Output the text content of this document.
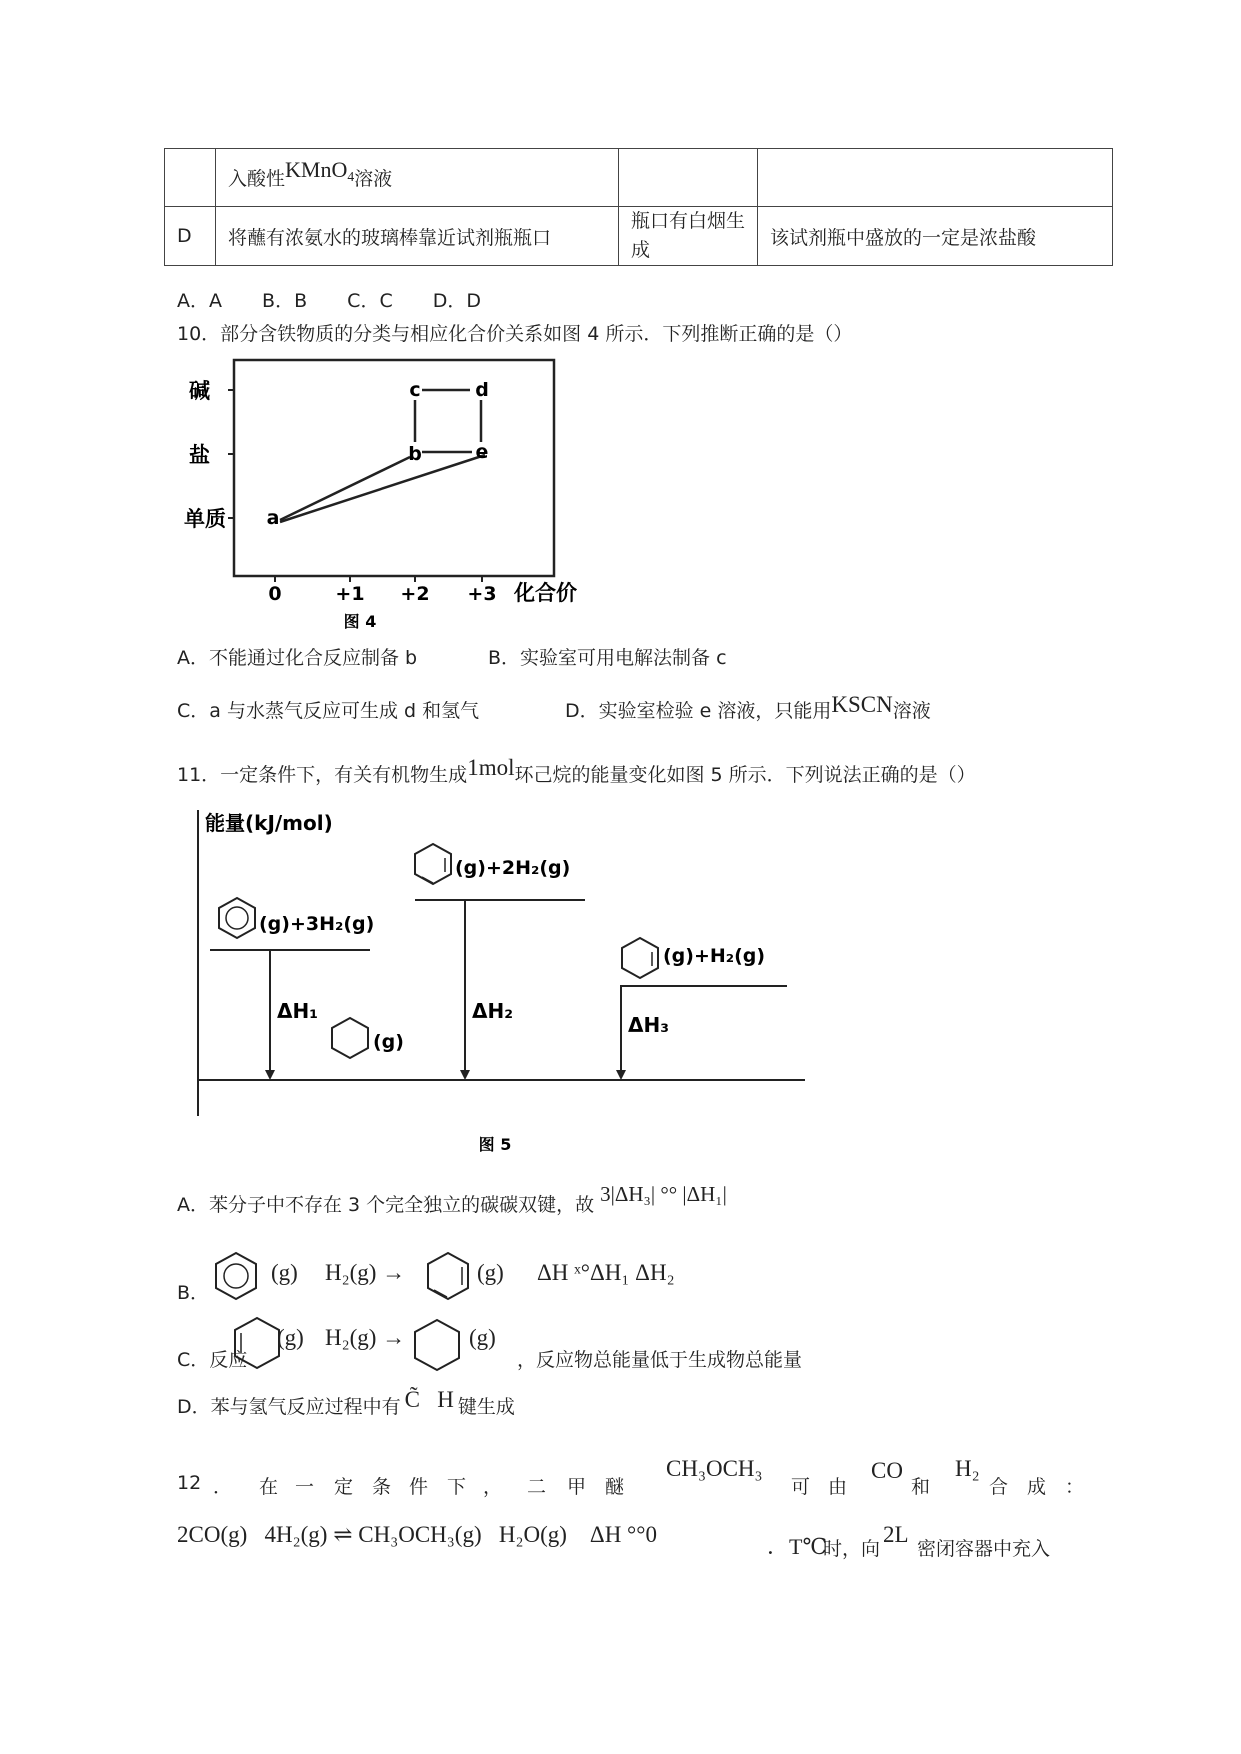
	入酸性KMnO$_4$溶液		
D	将蘸有浓氨水的玻璃棒靠近试剂瓶瓶口	瓶口有白烟生成	该试剂瓶中盛放的一定是浓盐酸
A．A B．B C．C D．D
10．部分含铁物质的分类与相应化合价关系如图 4 所示．下列推断正确的是（）
碱
盐
单质
0	+1 +2 +3 化合价
图 4
a
b
c	d
e
A．不能通过化合反应制备 b	B．实验室可用电解法制备 c
C．a 与水蒸气反应可生成 d 和氢气	D．实验室检验 e 溶液，只能用KSCN溶液
11．一定条件下，有关有机物生成1mol环己烷的能量变化如图 5 所示．下列说法正确的是（）
能量(kJ/mol)
(g)+3H₂(g)
ΔH₁
(g)
(g)+2H₂(g)
ΔH₂
(g)+H₂(g)
ΔH₃
图 5
A．苯分子中不存在 3 个完全独立的碳碳双键，故 3|ΔH₃| °° |ΔH₁|
B．
(g) H₂(g) →	(g) ΔH ˣ°ΔH₁ ΔH₂
C．反应
(g) H₂(g) →	(g)
，反应物总能量低于生成物总能量
D．苯与氢气反应过程中有 C̃   H 键生成
12 ． 在 一 定 条 件 下 ， 二 甲 醚
CH₃OCH₃
可 由
CO
和
H₂
合 成 ：
2CO(g)   4H₂(g) ⇌ CH₃OCH₃(g)   H₂O(g)    ΔH °°0	．T℃
时，向
2L
密闭容器中充入
